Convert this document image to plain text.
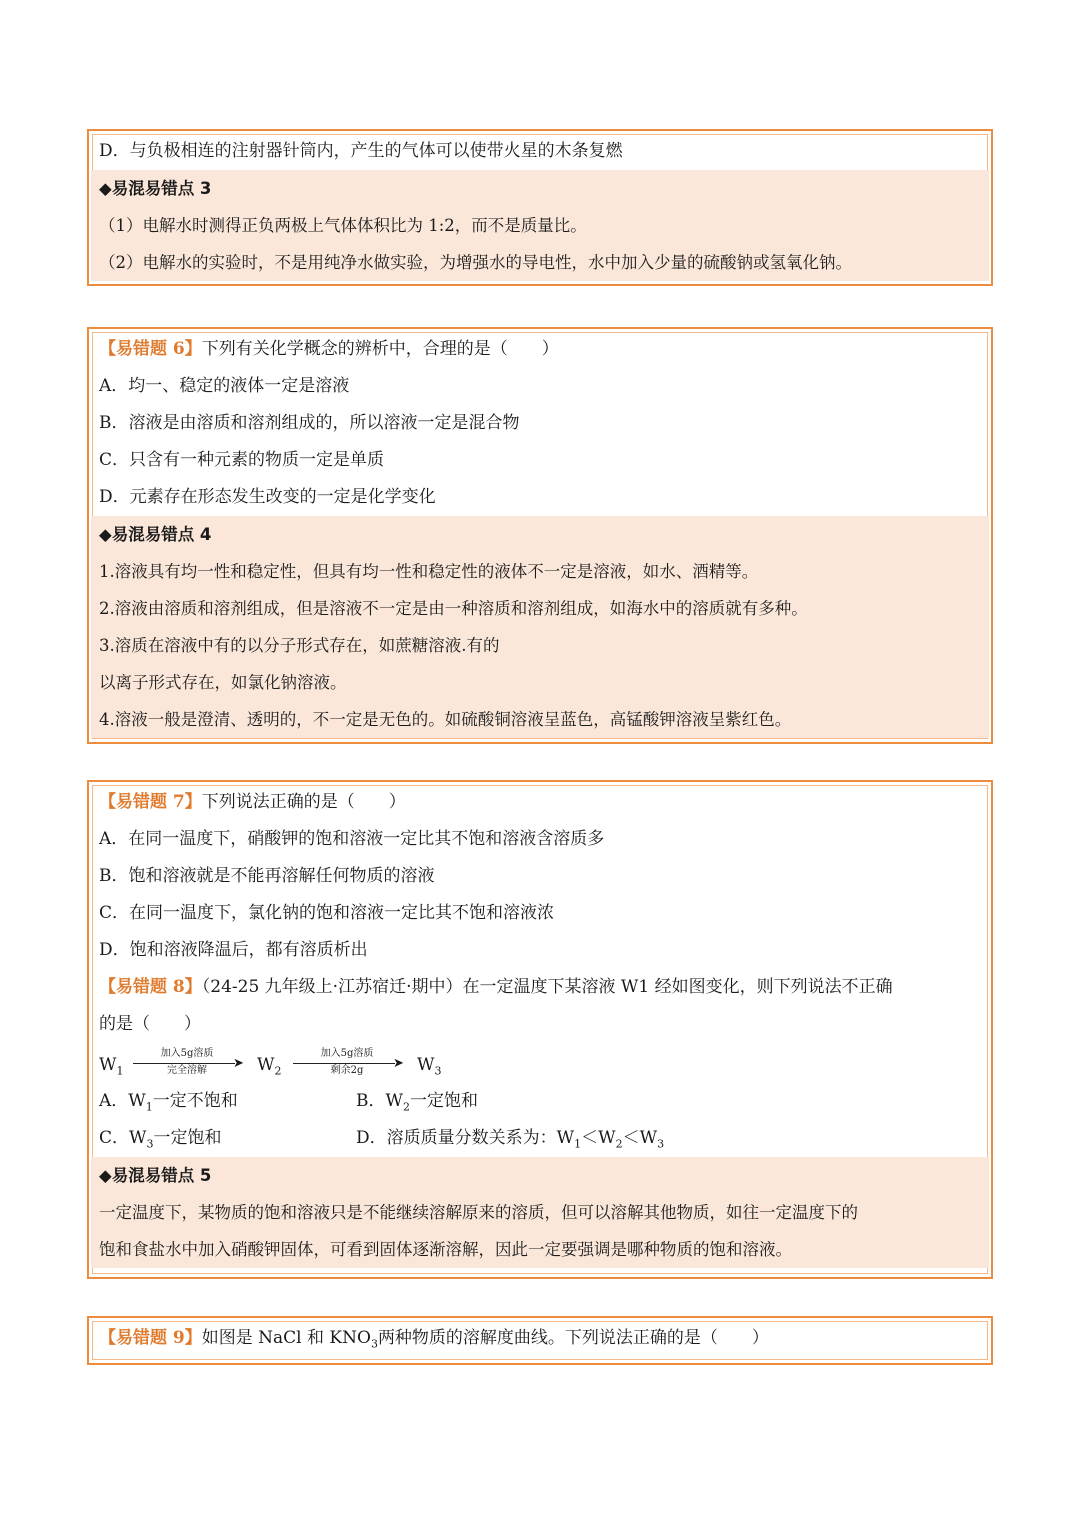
D．与负极相连的注射器针筒内，产生的气体可以使带火星的木条复燃
◆易混易错点 3
（1）电解水时测得正负两极上气体体积比为 1:2，而不是质量比。
（2）电解水的实验时，不是用纯净水做实验，为增强水的导电性，水中加入少量的硫酸钠或氢氧化钠。
【易错题 6】下列有关化学概念的辨析中，合理的是（　　）
A．均一、稳定的液体一定是溶液
B．溶液是由溶质和溶剂组成的，所以溶液一定是混合物
C．只含有一种元素的物质一定是单质
D．元素存在形态发生改变的一定是化学变化
◆易混易错点 4
1.溶液具有均一性和稳定性，但具有均一性和稳定性的液体不一定是溶液，如水、酒精等。
2.溶液由溶质和溶剂组成，但是溶液不一定是由一种溶质和溶剂组成，如海水中的溶质就有多种。
3.溶质在溶液中有的以分子形式存在，如蔗糖溶液.有的
以离子形式存在，如氯化钠溶液。
4.溶液一般是澄清、透明的，不一定是无色的。如硫酸铜溶液呈蓝色，高锰酸钾溶液呈紫红色。
【易错题 7】下列说法正确的是（　　）
A．在同一温度下，硝酸钾的饱和溶液一定比其不饱和溶液含溶质多
B．饱和溶液就是不能再溶解任何物质的溶液
C．在同一温度下，氯化钠的饱和溶液一定比其不饱和溶液浓
D．饱和溶液降温后，都有溶质析出
【易错题 8】（24-25 九年级上·江苏宿迁·期中）在一定温度下某溶液 W1 经如图变化，则下列说法不正确
的是（　　）
$W_1$
加入5g溶质
➤
完全溶解	$W_2$
加入5g溶质
➤
剩余2g	$W_3$
A．$W_1$一定不饱和	B．$W_2$一定饱和
C．$W_3$一定饱和	D．溶质质量分数关系为：$W_1<W_2<W_3$
◆易混易错点 5
一定温度下，某物质的饱和溶液只是不能继续溶解原来的溶质，但可以溶解其他物质，如往一定温度下的
饱和食盐水中加入硝酸钾固体，可看到固体逐渐溶解，因此一定要强调是哪种物质的饱和溶液。
【易错题 9】如图是 NaCl 和 $KNO_3$两种物质的溶解度曲线。下列说法正确的是（　　）
